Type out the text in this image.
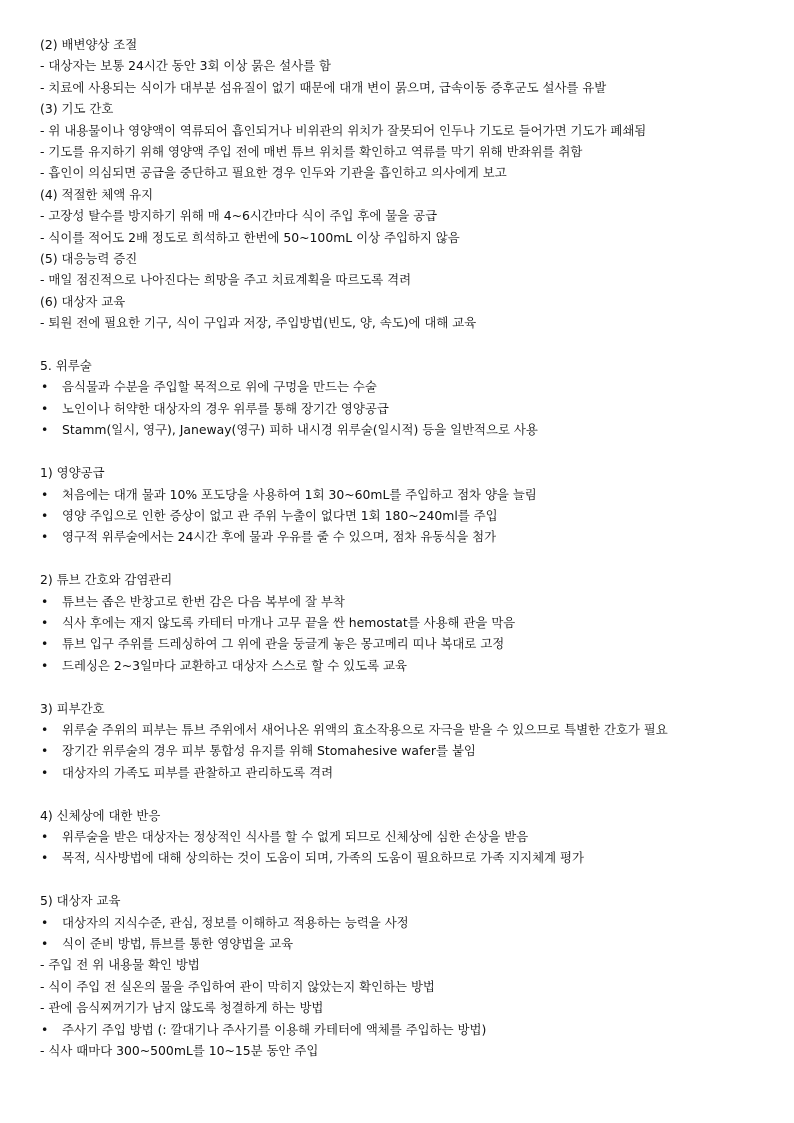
(2) 배변양상 조절
- 대상자는 보통 24시간 동안 3회 이상 묽은 설사를 함
- 치료에 사용되는 식이가 대부분 섬유질이 없기 때문에 대개 변이 묽으며, 급속이동 증후군도 설사를 유발
(3) 기도 간호
- 위 내용물이나 영양액이 역류되어 흡인되거나 비위관의 위치가 잘못되어 인두나 기도로 들어가면 기도가 폐쇄됨
- 기도를 유지하기 위해 영양액 주입 전에 매번 튜브 위치를 확인하고 역류를 막기 위해 반좌위를 취함
- 흡인이 의심되면 공급을 중단하고 필요한 경우 인두와 기관을 흡인하고 의사에게 보고
(4) 적절한 체액 유지
- 고장성 탈수를 방지하기 위해 매 4~6시간마다 식이 주입 후에 물을 공급
- 식이를 적어도 2배 정도로 희석하고 한번에 50~100mL 이상 주입하지 않음
(5) 대응능력 증진
- 매일 점진적으로 나아진다는 희망을 주고 치료계획을 따르도록 격려
(6) 대상자 교육
- 퇴원 전에 필요한 기구, 식이 구입과 저장, 주입방법(빈도, 양, 속도)에 대해 교육
5. 위루술
• 음식물과 수분을 주입할 목적으로 위에 구멍을 만드는 수술
• 노인이나 허약한 대상자의 경우 위루를 통해 장기간 영양공급
• Stamm(일시, 영구), Janeway(영구) 피하 내시경 위루술(일시적) 등을 일반적으로 사용
1) 영양공급
• 처음에는 대개 물과 10% 포도당을 사용하여 1회 30~60mL를 주입하고 점차 양을 늘림
• 영양 주입으로 인한 증상이 없고 관 주위 누출이 없다면 1회 180~240ml를 주입
• 영구적 위루술에서는 24시간 후에 물과 우유를 줄 수 있으며, 점차 유동식을 첨가
2) 튜브 간호와 감염관리
• 튜브는 좁은 반창고로 한번 감은 다음 복부에 잘 부착
• 식사 후에는 재지 않도록 카테터 마개나 고무 끝을 싼 hemostat를 사용해 관을 막음
• 튜브 입구 주위를 드레싱하여 그 위에 관을 둥글게 놓은 몽고메리 띠나 복대로 고정
• 드레싱은 2~3일마다 교환하고 대상자 스스로 할 수 있도록 교육
3) 피부간호
• 위루술 주위의 피부는 튜브 주위에서 새어나온 위액의 효소작용으로 자극을 받을 수 있으므로 특별한 간호가 필요
• 장기간 위루술의 경우 피부 통합성 유지를 위해 Stomahesive wafer를 붙임
• 대상자의 가족도 피부를 관찰하고 관리하도록 격려
4) 신체상에 대한 반응
• 위루술을 받은 대상자는 정상적인 식사를 할 수 없게 되므로 신체상에 심한 손상을 받음
• 목적, 식사방법에 대해 상의하는 것이 도움이 되며, 가족의 도움이 필요하므로 가족 지지체계 평가
5) 대상자 교육
• 대상자의 지식수준, 관심, 정보를 이해하고 적용하는 능력을 사정
• 식이 준비 방법, 튜브를 통한 영양법을 교육
- 주입 전 위 내용물 확인 방법
- 식이 주입 전 실온의 물을 주입하여 관이 막히지 않았는지 확인하는 방법
- 관에 음식찌꺼기가 남지 않도록 청결하게 하는 방법
• 주사기 주입 방법 (: 깔대기나 주사기를 이용해 카테터에 액체를 주입하는 방법)
- 식사 때마다 300~500mL를 10~15분 동안 주입
